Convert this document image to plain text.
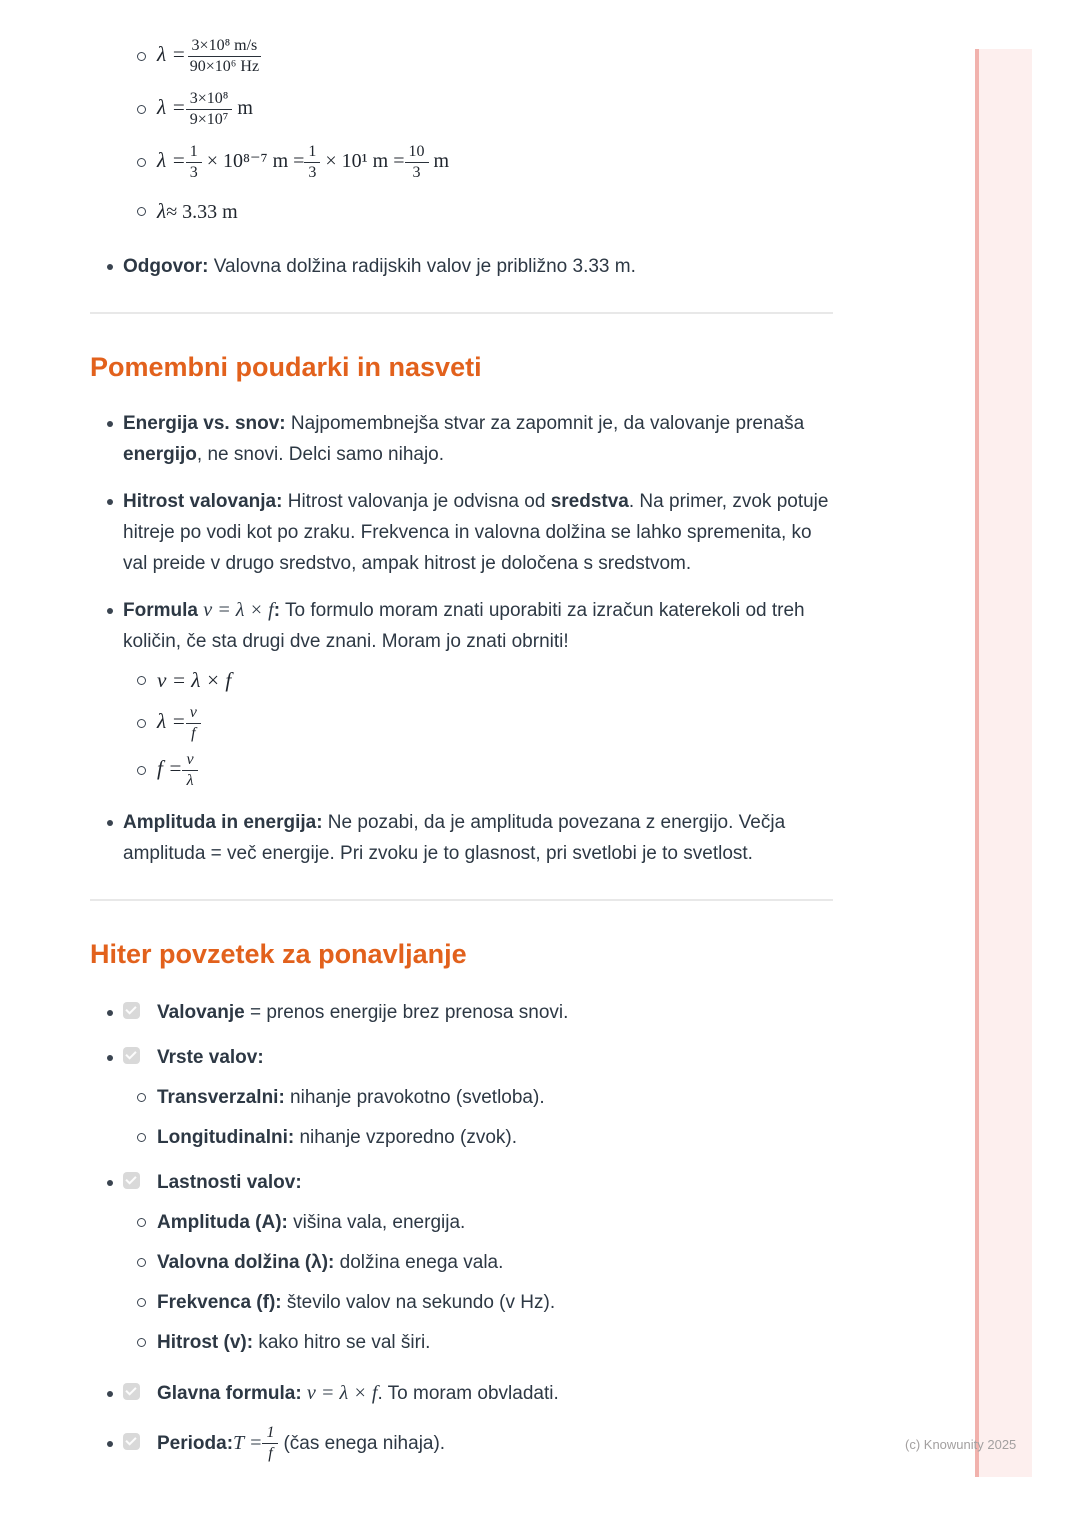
$\lambda = \frac{\text{3×10⁸ m/s}}{\text{90×10⁶ Hz}}$
$\lambda = \frac{\text{3×10⁸}}{\text{9×10⁷}}$ m
$\lambda = \frac{1}{3} \times 10^{8-7}$ $m = \frac{1}{3} \times 10^1$ $m = \frac{10}{3}$ m
λ≈ 3.33 m
Odgovor: Valovna dolžina radijskih valov je približno 3.33 m.
Pomembni poudarki in nasveti
Energija vs. snov: Najpomembnejša stvar za zapomnit je, da valovanje prenaša energijo, ne snovi. Delci samo nihajo.
Hitrost valovanja: Hitrost valovanja je odvisna od sredstva. Na primer, zvok potuje hitreje po vodi kot po zraku. Frekvenca in valovna dolžina se lahko spremenita, ko val preide v drugo sredstvo, ampak hitrost je določena s sredstvom.
Formula v = λ × f: To formulo moram znati uporabiti za izračun katerekoli od treh količin, če sta drugi dve znani. Moram jo znati obrniti!
v = λ × f
$\lambda = \frac{v}{f}$
$f = \frac{v}{\lambda}$
Amplituda in energija: Ne pozabi, da je amplituda povezana z energijo. Večja amplituda = več energije. Pri zvoku je to glasnost, pri svetlobi je to svetlost.
Hiter povzetek za ponavljanje
Valovanje = prenos energije brez prenosa snovi.
Vrste valov:
Transverzalni: nihanje pravokotno (svetloba).
Longitudinalni: nihanje vzporedno (zvok).
Lastnosti valov:
Amplituda (A): višina vala, energija.
Valovna dolžina (λ): dolžina enega vala.
Frekvenca (f): število valov na sekundo (v Hz).
Hitrost (v): kako hitro se val širi.
Glavna formula: v = λ × f. To moram obvladati.
Perioda: $T = \frac{1}{f}$ (čas enega nihaja).	(c) Knowunity 2025
